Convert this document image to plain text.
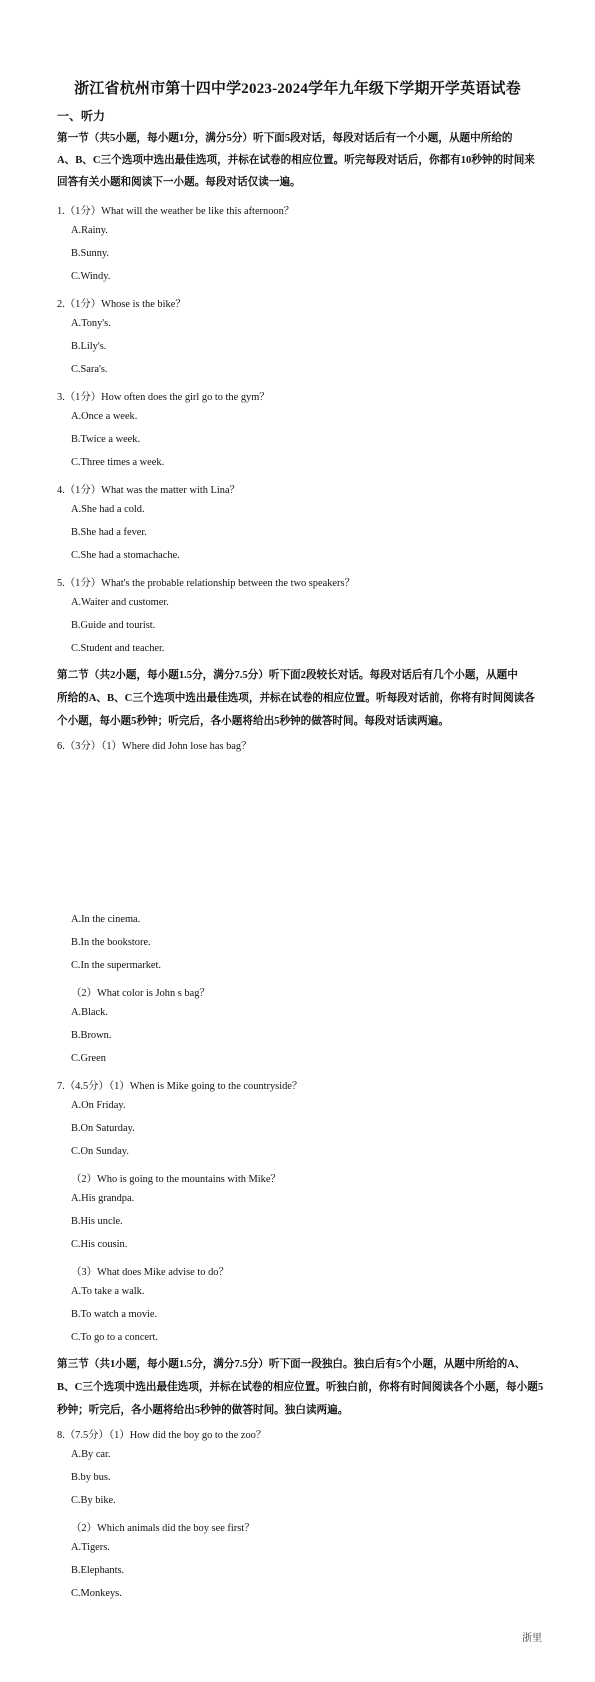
浙江省杭州市第十四中学2023-2024学年九年级下学期开学英语试卷
一、听力
第一节（共5小题，每小题1分，满分5分）听下面5段对话，每段对话后有一个小题，从题中所给的
A、B、C三个选项中选出最佳选项，并标在试卷的相应位置。听完每段对话后，你都有10秒钟的时间来
回答有关小题和阅读下一小题。每段对话仅读一遍。
1.（1分）What will the weather be like this afternoon？
A.Rainy.
B.Sunny.
C.Windy.
2.（1分）Whose is the bike？
A.Tony's.
B.Lily's.
C.Sara's.
3.（1分）How often does the girl go to the gym？
A.Once a week.
B.Twice a week.
C.Three times a week.
4.（1分）What was the matter with Lina？
A.She had a cold.
B.She had a fever.
C.She had a stomachache.
5.（1分）What's the probable relationship between the two speakers？
A.Waiter and customer.
B.Guide and tourist.
C.Student and teacher.
第二节（共2小题，每小题1.5分，满分7.5分）听下面2段较长对话。每段对话后有几个小题，从题中
所给的A、B、C三个选项中选出最佳选项，并标在试卷的相应位置。听每段对话前，你将有时间阅读各
个小题，每小题5秒钟；听完后，各小题将给出5秒钟的做答时间。每段对话读两遍。
6.（3分）（1）Where did John lose has bag？
A.In the cinema.
B.In the bookstore.
C.In the supermarket.
（2）What color is John s bag？
A.Black.
B.Brown.
C.Green
7.（4.5分）（1）When is Mike going to the countryside？
A.On Friday.
B.On Saturday.
C.On Sunday.
（2）Who is going to the mountains with Mike？
A.His grandpa.
B.His uncle.
C.His cousin.
（3）What does Mike advise to do？
A.To take a walk.
B.To watch a movie.
C.To go to a concert.
第三节（共1小题，每小题1.5分，满分7.5分）听下面一段独白。独白后有5个小题，从题中所给的A、
B、C三个选项中选出最佳选项，并标在试卷的相应位置。听独白前，你将有时间阅读各个小题，每小题5
秒钟；听完后，各小题将给出5秒钟的做答时间。独白读两遍。
8.（7.5分）（1）How did the boy go to the zoo？
A.By car.
B.by bus.
C.By bike.
（2）Which animals did the boy see first？
A.Tigers.
B.Elephants.
C.Monkeys.
浙里
